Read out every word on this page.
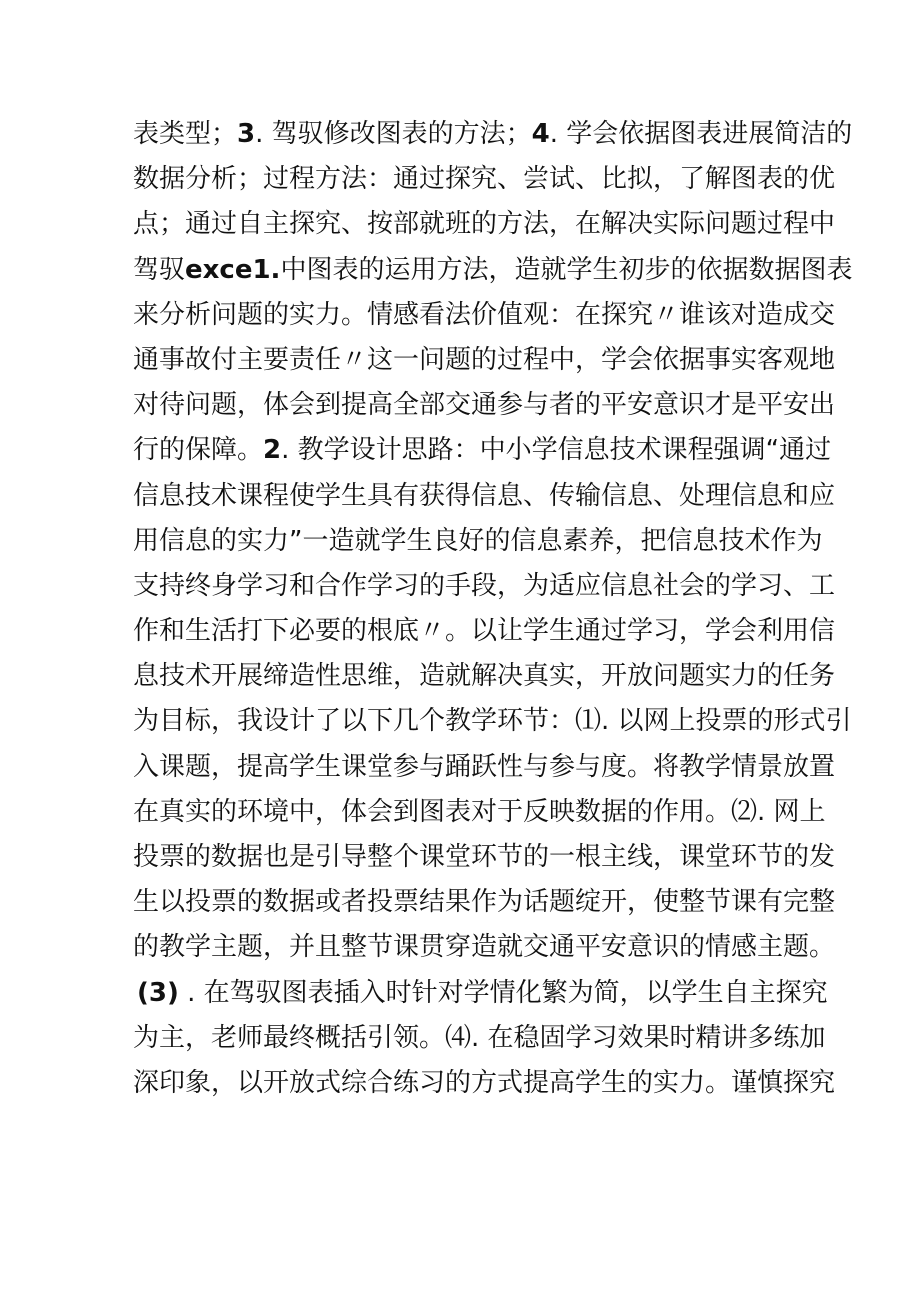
表类型；3. 驾驭修改图表的方法；4. 学会依据图表进展简洁的
数据分析；过程方法：通过探究、尝试、比拟，了解图表的优
点；通过自主探究、按部就班的方法，在解决实际问题过程中
驾驭exce1.中图表的运用方法，造就学生初步的依据数据图表
来分析问题的实力。情感看法价值观：在探究〃谁该对造成交
通事故付主要责任〃这一问题的过程中，学会依据事实客观地
对待问题，体会到提高全部交通参与者的平安意识才是平安出
行的保障。2. 教学设计思路：中小学信息技术课程强调“通过
信息技术课程使学生具有获得信息、传输信息、处理信息和应
用信息的实力”一造就学生良好的信息素养，把信息技术作为
支持终身学习和合作学习的手段，为适应信息社会的学习、工
作和生活打下必要的根底〃。以让学生通过学习，学会利用信
息技术开展缔造性思维，造就解决真实，开放问题实力的任务
为目标，我设计了以下几个教学环节：⑴. 以网上投票的形式引
入课题，提高学生课堂参与踊跃性与参与度。将教学情景放置
在真实的环境中，体会到图表对于反映数据的作用。⑵. 网上
投票的数据也是引导整个课堂环节的一根主线，课堂环节的发
生以投票的数据或者投票结果作为话题绽开，使整节课有完整
的教学主题，并且整节课贯穿造就交通平安意识的情感主题。
(3) . 在驾驭图表插入时针对学情化繁为简，以学生自主探究
为主，老师最终概括引领。⑷. 在稳固学习效果时精讲多练加
深印象，以开放式综合练习的方式提高学生的实力。谨慎探究
